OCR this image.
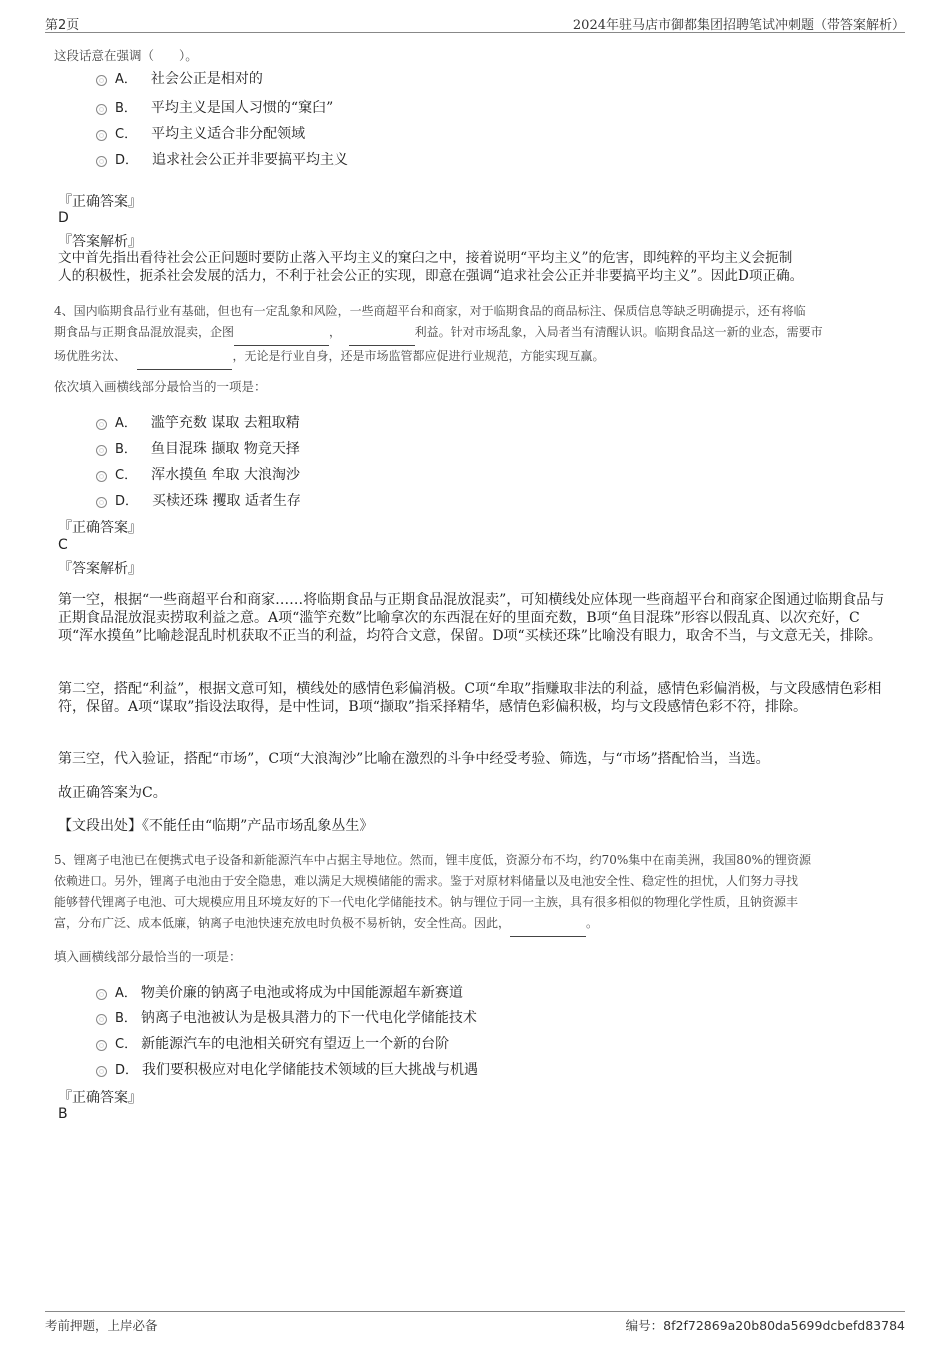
第2页	2024年驻马店市御都集团招聘笔试冲刺题（带答案解析）
这段话意在强调（　　）。
A． 社会公正是相对的
B． 平均主义是国人习惯的“窠臼”
C． 平均主义适合非分配领域
D． 追求社会公正并非要搞平均主义
『正确答案』
D
『答案解析』
文中首先指出看待社会公正问题时要防止落入平均主义的窠臼之中，接着说明“平均主义”的危害，即纯粹的平均主义会扼制
人的积极性，扼杀社会发展的活力，不利于社会公正的实现，即意在强调“追求社会公正并非要搞平均主义”。因此D项正确。
4、国内临期食品行业有基础，但也有一定乱象和风险，一些商超平台和商家，对于临期食品的商品标注、保质信息等缺乏明确提示，还有将临
期食品与正期食品混放混卖，企图	，	利益。针对市场乱象，入局者当有清醒认识。临期食品这一新的业态，需要市
场优胜劣汰、	，无论是行业自身，还是市场监管都应促进行业规范，方能实现互赢。
依次填入画横线部分最恰当的一项是：
A． 滥竽充数 谋取 去粗取精
B． 鱼目混珠 撷取 物竞天择
C． 浑水摸鱼 牟取 大浪淘沙
D． 买椟还珠 攫取 适者生存
『正确答案』
C
『答案解析』
第一空，根据“一些商超平台和商家……将临期食品与正期食品混放混卖”，可知横线处应体现一些商超平台和商家企图通过临期食品与正期食品混放混卖捞取利益之意。A项“滥竽充数”比喻拿次的东西混在好的里面充数，B项“鱼目混珠”形容以假乱真、以次充好，C项“浑水摸鱼”比喻趁混乱时机获取不正当的利益，均符合文意，保留。D项“买椟还珠”比喻没有眼力，取舍不当，与文意无关，排除。
第二空，搭配“利益”，根据文意可知，横线处的感情色彩偏消极。C项“牟取”指赚取非法的利益，感情色彩偏消极，与文段感情色彩相符，保留。A项“谋取”指设法取得，是中性词，B项“撷取”指采择精华，感情色彩偏积极，均与文段感情色彩不符，排除。
第三空，代入验证，搭配“市场”，C项“大浪淘沙”比喻在激烈的斗争中经受考验、筛选，与“市场”搭配恰当，当选。
故正确答案为C。
【文段出处】《不能任由“临期”产品市场乱象丛生》
5、锂离子电池已在便携式电子设备和新能源汽车中占据主导地位。然而，锂丰度低，资源分布不均，约70%集中在南美洲，我国80%的锂资源
依赖进口。另外，锂离子电池由于安全隐患，难以满足大规模储能的需求。鉴于对原材料储量以及电池安全性、稳定性的担忧，人们努力寻找
能够替代锂离子电池、可大规模应用且环境友好的下一代电化学储能技术。钠与锂位于同一主族，具有很多相似的物理化学性质，且钠资源丰
富，分布广泛、成本低廉，钠离子电池快速充放电时负极不易析钠，安全性高。因此，	。
填入画横线部分最恰当的一项是：
A． 物美价廉的钠离子电池或将成为中国能源超车新赛道
B． 钠离子电池被认为是极具潜力的下一代电化学储能技术
C． 新能源汽车的电池相关研究有望迈上一个新的台阶
D． 我们要积极应对电化学储能技术领域的巨大挑战与机遇
『正确答案』
B
考前押题，上岸必备	编号：8f2f72869a20b80da5699dcbefd83784
